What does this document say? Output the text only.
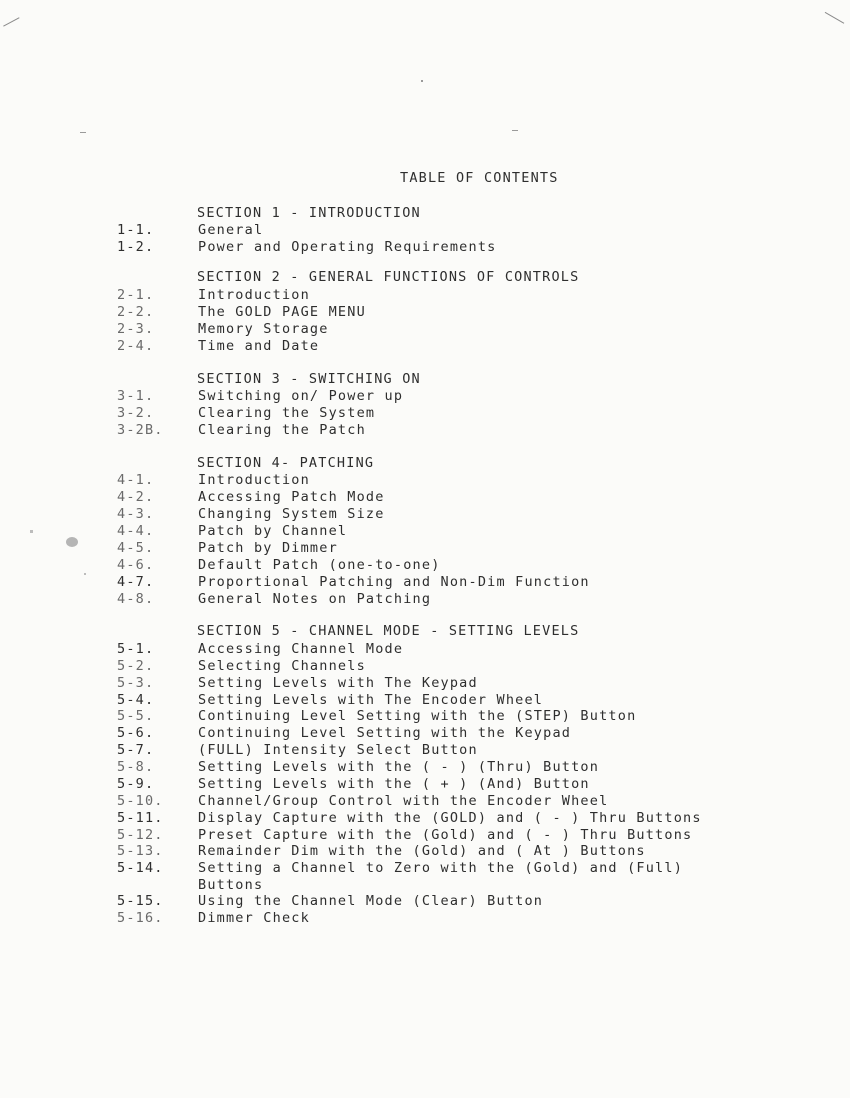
TABLE OF CONTENTS
SECTION 1 - INTRODUCTION
1-1.	General
1-2.	Power and Operating Requirements
SECTION 2 - GENERAL FUNCTIONS OF CONTROLS
2-1.	Introduction
2-2.	The GOLD PAGE MENU
2-3.	Memory Storage
2-4.	Time and Date
SECTION 3 - SWITCHING ON
3-1.	Switching on/ Power up
3-2.	Clearing the System
3-2B.	Clearing the Patch
SECTION 4- PATCHING
4-1.	Introduction
4-2.	Accessing Patch Mode
4-3.	Changing System Size
4-4.	Patch by Channel
4-5.	Patch by Dimmer
4-6.	Default Patch (one-to-one)
4-7.	Proportional Patching and Non-Dim Function
4-8.	General Notes on Patching
SECTION 5 - CHANNEL MODE - SETTING LEVELS
5-1.	Accessing Channel Mode
5-2.	Selecting Channels
5-3.	Setting Levels with The Keypad
5-4.	Setting Levels with The Encoder Wheel
5-5.	Continuing Level Setting with the (STEP) Button
5-6.	Continuing Level Setting with the Keypad
5-7.	(FULL) Intensity Select Button
5-8.	Setting Levels with the ( - ) (Thru) Button
5-9.	Setting Levels with the ( + ) (And) Button
5-10.	Channel/Group Control with the Encoder Wheel
5-11.	Display Capture with the (GOLD) and ( - ) Thru Buttons
5-12.	Preset Capture with the (Gold) and ( - ) Thru Buttons
5-13.	Remainder Dim with the (Gold) and ( At ) Buttons
5-14.	Setting a Channel to Zero with the (Gold) and (Full)
Buttons
5-15.	Using the Channel Mode (Clear) Button
5-16.	Dimmer Check
